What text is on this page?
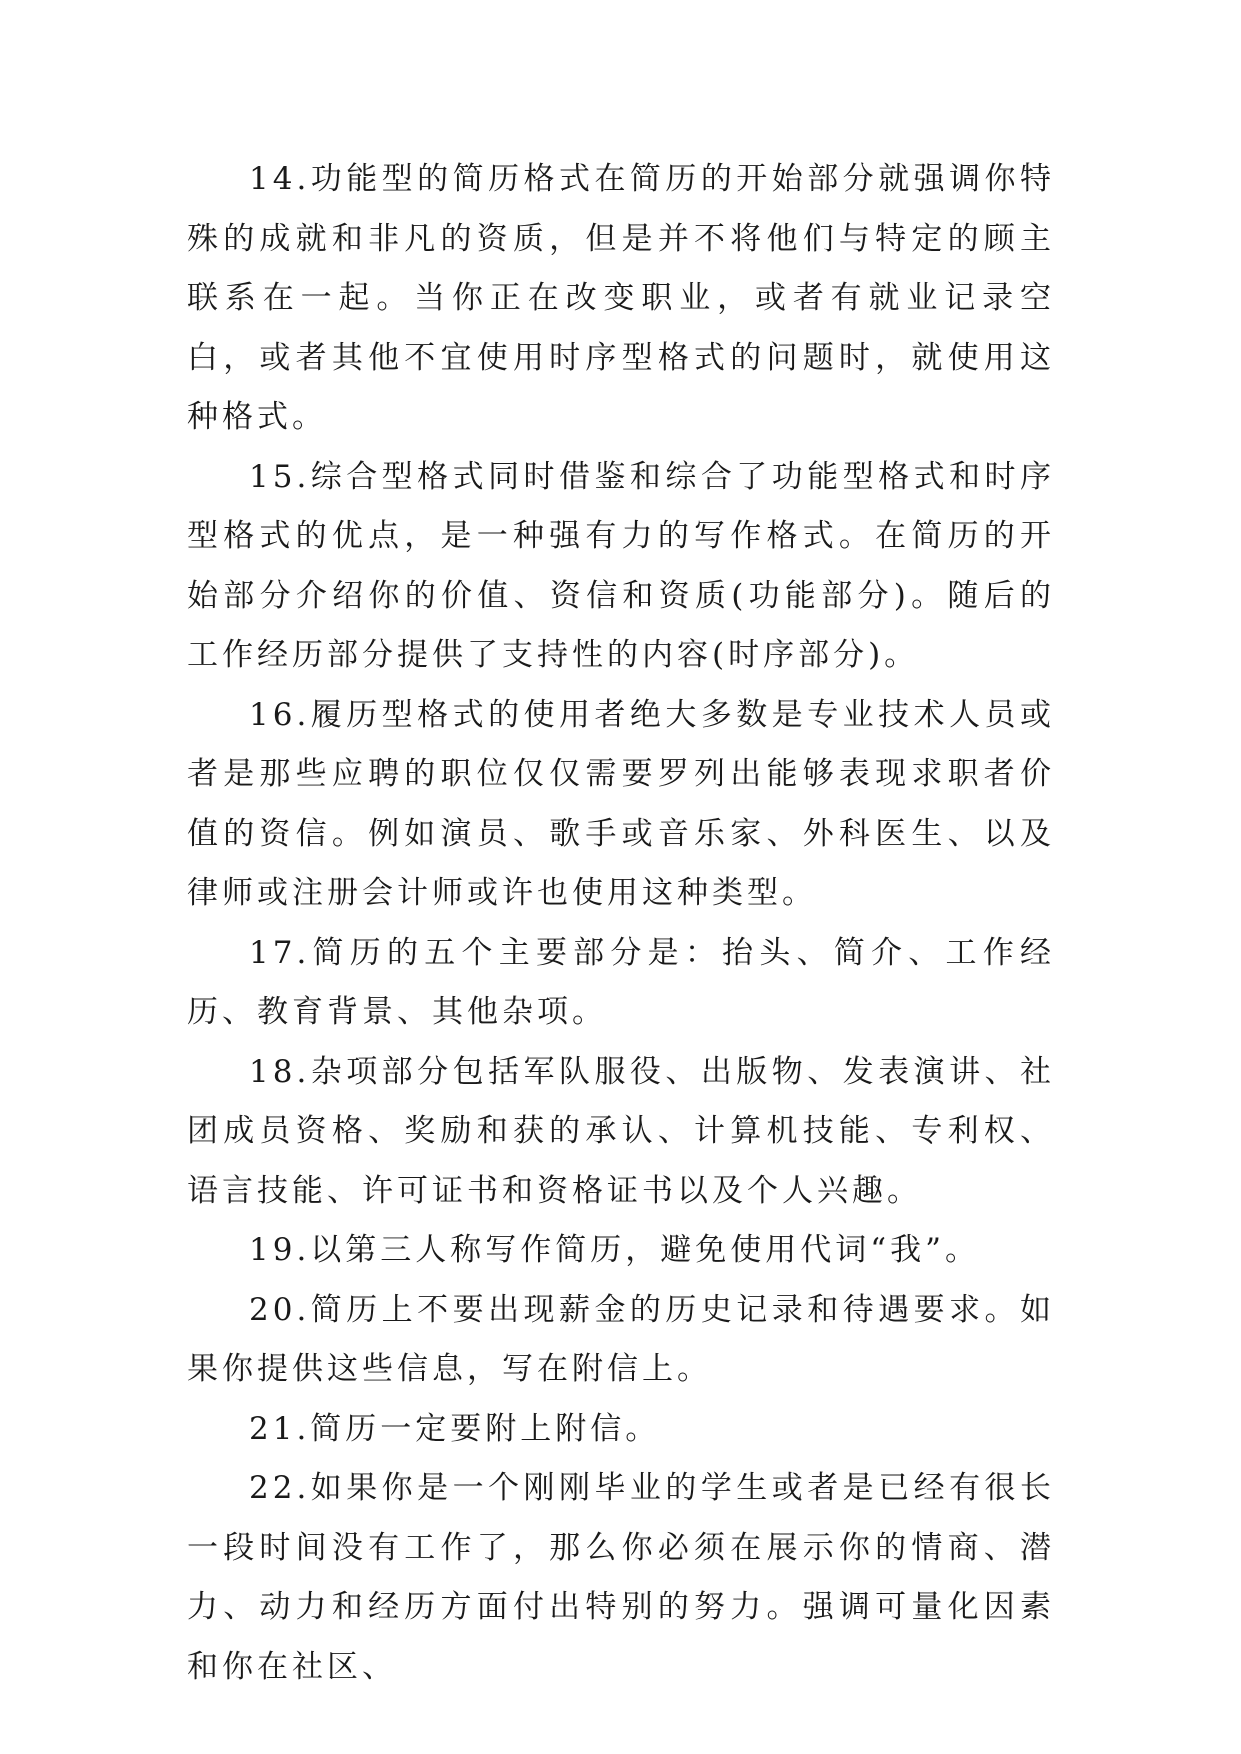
14.功能型的简历格式在简历的开始部分就强调你特殊的成就和非凡的资质，但是并不将他们与特定的顾主联系在一起。当你正在改变职业，或者有就业记录空白，或者其他不宜使用时序型格式的问题时，就使用这种格式。

15.综合型格式同时借鉴和综合了功能型格式和时序型格式的优点，是一种强有力的写作格式。在简历的开始部分介绍你的价值、资信和资质(功能部分)。随后的工作经历部分提供了支持性的内容(时序部分)。

16.履历型格式的使用者绝大多数是专业技术人员或者是那些应聘的职位仅仅需要罗列出能够表现求职者价值的资信。例如演员、歌手或音乐家、外科医生、以及律师或注册会计师或许也使用这种类型。

17.简历的五个主要部分是：抬头、简介、工作经历、教育背景、其他杂项。

18.杂项部分包括军队服役、出版物、发表演讲、社团成员资格、奖励和获的承认、计算机技能、专利权、语言技能、许可证书和资格证书以及个人兴趣。

19.以第三人称写作简历，避免使用代词“我”。

20.简历上不要出现薪金的历史记录和待遇要求。如果你提供这些信息，写在附信上。

21.简历一定要附上附信。

22.如果你是一个刚刚毕业的学生或者是已经有很长一段时间没有工作了，那么你必须在展示你的情商、潜力、动力和经历方面付出特别的努力。强调可量化因素和你在社区、
